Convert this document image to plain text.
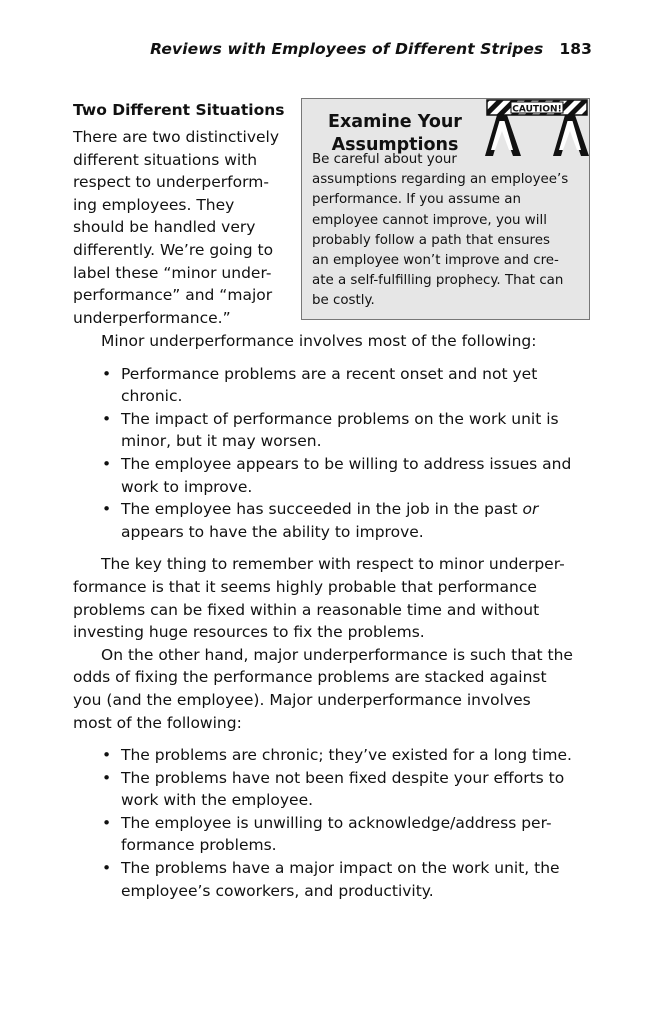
Reviews with Employees of Different Stripes 183
Two Different Situations
There are two distinctively
different situations with
respect to underperform-
ing employees. They
should be handled very
differently. We’re going to
label these “minor under-
performance” and “major
underperformance.”
Examine Your
Assumptions
CAUTION!
Be careful about your
assumptions regarding an employee’s
performance. If you assume an
employee cannot improve, you will
probably follow a path that ensures
an employee won’t improve and cre-
ate a self-fulfilling prophecy. That can
be costly.
Minor underperformance involves most of the following:
• Performance problems are a recent onset and not yet
chronic.
• The impact of performance problems on the work unit is
minor, but it may worsen.
• The employee appears to be willing to address issues and
work to improve.
• The employee has succeeded in the job in the past or
appears to have the ability to improve.
The key thing to remember with respect to minor underper-
formance is that it seems highly probable that performance
problems can be fixed within a reasonable time and without
investing huge resources to fix the problems.
On the other hand, major underperformance is such that the
odds of fixing the performance problems are stacked against
you (and the employee). Major underperformance involves
most of the following:
• The problems are chronic; they’ve existed for a long time.
• The problems have not been fixed despite your efforts to
work with the employee.
• The employee is unwilling to acknowledge/address per-
formance problems.
• The problems have a major impact on the work unit, the
employee’s coworkers, and productivity.
